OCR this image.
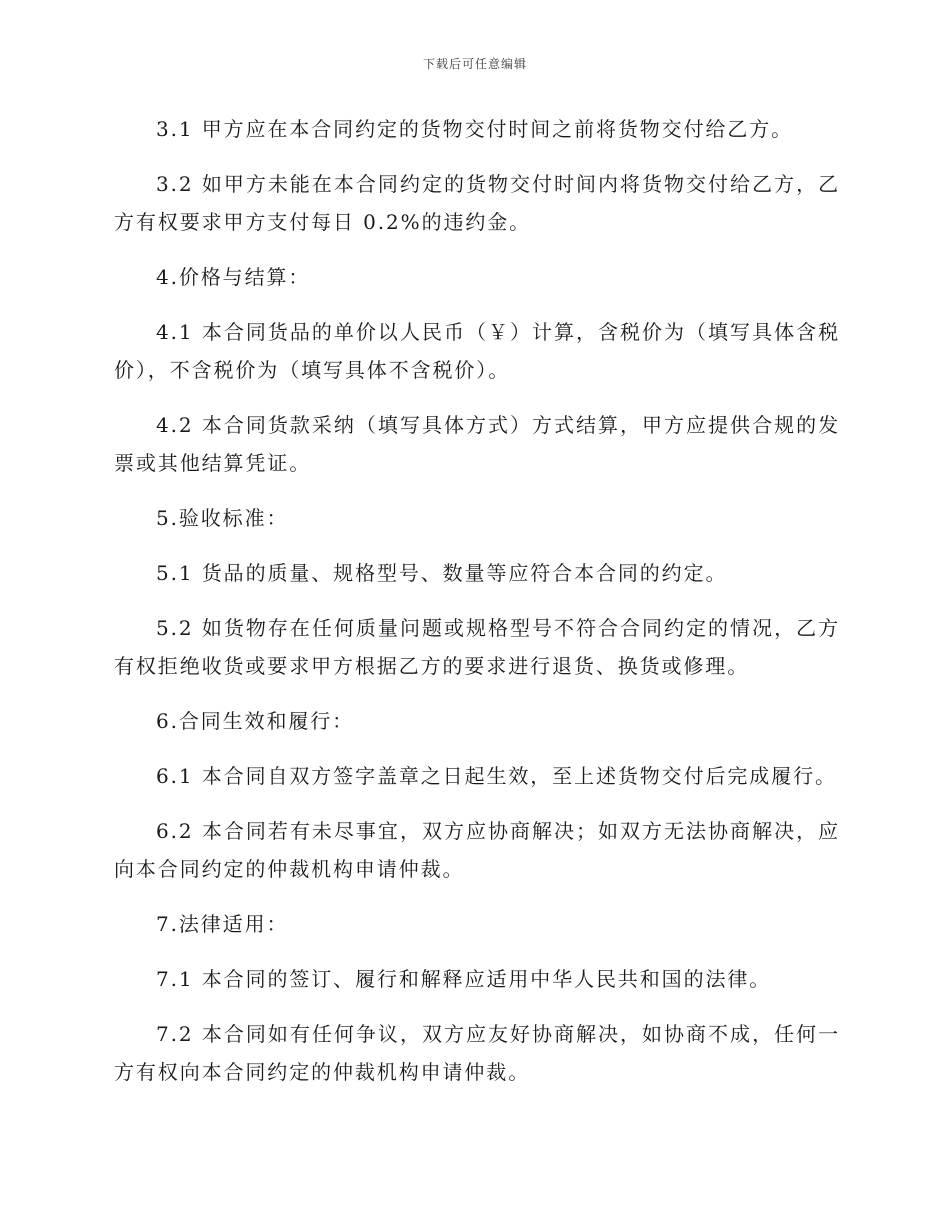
下载后可任意编辑

3.1 甲方应在本合同约定的货物交付时间之前将货物交付给乙方。

3.2 如甲方未能在本合同约定的货物交付时间内将货物交付给乙方，乙方有权要求甲方支付每日 0.2%的违约金。

4.价格与结算：

4.1 本合同货品的单价以人民币（￥）计算，含税价为（填写具体含税价），不含税价为（填写具体不含税价）。

4.2 本合同货款采纳（填写具体方式）方式结算，甲方应提供合规的发票或其他结算凭证。

5.验收标准：

5.1 货品的质量、规格型号、数量等应符合本合同的约定。

5.2 如货物存在任何质量问题或规格型号不符合合同约定的情况，乙方有权拒绝收货或要求甲方根据乙方的要求进行退货、换货或修理。

6.合同生效和履行：

6.1 本合同自双方签字盖章之日起生效，至上述货物交付后完成履行。

6.2 本合同若有未尽事宜，双方应协商解决；如双方无法协商解决，应向本合同约定的仲裁机构申请仲裁。

7.法律适用：

7.1 本合同的签订、履行和解释应适用中华人民共和国的法律。

7.2 本合同如有任何争议，双方应友好协商解决，如协商不成，任何一方有权向本合同约定的仲裁机构申请仲裁。
